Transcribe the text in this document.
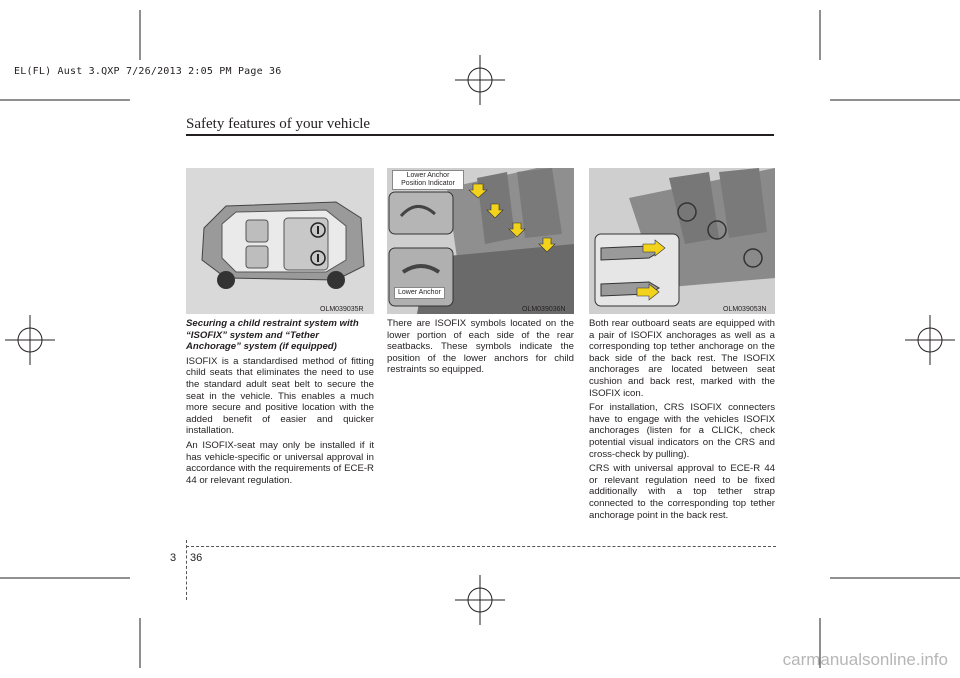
EL(FL) Aust 3.QXP 7/26/2013 2:05 PM Page 36
Safety features of your vehicle
OLM039035R
Lower Anchor
Position Indicator
Lower Anchor
OLM039036N	OLM039053N

Securing a child restraint system with “ISOFIX” system and “Tether Anchorage” system (if equipped)

ISOFIX is a standardised method of fitting child seats that eliminates the need to use the standard adult seat belt to secure the seat in the vehicle. This enables a much more secure and positive location with the added benefit of easier and quicker installation.

An ISOFIX-seat may only be installed if it has vehicle-specific or universal approval in accordance with the requirements of ECE-R 44 or relevant regulation.

There are ISOFIX symbols located on the lower portion of each side of the rear seatbacks. These symbols indicate the position of the lower anchors for child restraints so equipped.

Both rear outboard seats are equipped with a pair of ISOFIX anchorages as well as a corresponding top tether anchorage on the back side of the back rest. The ISOFIX anchorages are located between seat cushion and back rest, marked with the ISOFIX icon.

For installation, CRS ISOFIX connecters have to engage with the vehicles ISOFIX anchorages (listen for a CLICK, check potential visual indicators on the CRS and cross-check by pulling).

CRS with universal approval to ECE-R 44 or relevant regulation need to be fixed additionally with a top tether strap connected to the corresponding top tether anchorage point in the back rest.

3 36
carmanualsonline.info
